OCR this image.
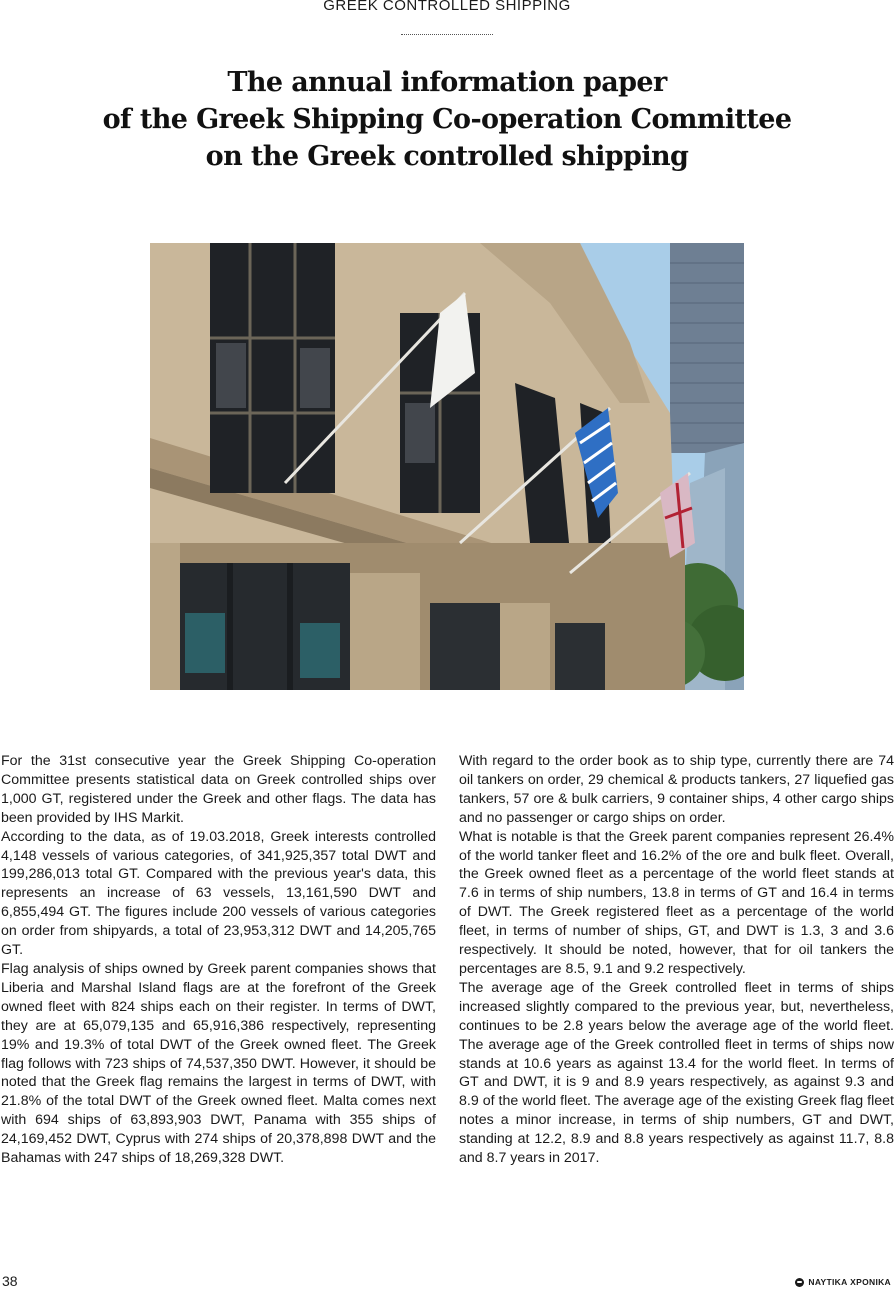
GREEK CONTROLLED SHIPPING
The annual information paper
of the Greek Shipping Co-operation Committee
on the Greek controlled shipping

For the 31st consecutive year the Greek Shipping Co-operation Committee presents statistical data on Greek controlled ships over 1,000 GT, registered under the Greek and other flags. The data has been provided by IHS Markit.

According to the data, as of 19.03.2018, Greek interests controlled 4,148 vessels of various categories, of 341,925,357 total DWT and 199,286,013 total GT. Compared with the previous year's data, this represents an increase of 63 vessels, 13,161,590 DWT and 6,855,494 GT. The figures include 200 vessels of various categories on order from shipyards, a total of 23,953,312 DWT and 14,205,765 GT.

Flag analysis of ships owned by Greek parent companies shows that Liberia and Marshal Island flags are at the forefront of the Greek owned fleet with 824 ships each on their register. In terms of DWT, they are at 65,079,135 and 65,916,386 respectively, representing 19% and 19.3% of total DWT of the Greek owned fleet. The Greek flag follows with 723 ships of 74,537,350 DWT. However, it should be noted that the Greek flag remains the largest in terms of DWT, with 21.8% of the total DWT of the Greek owned fleet. Malta comes next with 694 ships of 63,893,903 DWT, Panama with 355 ships of 24,169,452 DWT, Cyprus with 274 ships of 20,378,898 DWT and the Bahamas with 247 ships of 18,269,328 DWT.

With regard to the order book as to ship type, currently there are 74 oil tankers on order, 29 chemical & products tankers, 27 liquefied gas tankers, 57 ore & bulk carriers, 9 container ships, 4 other cargo ships and no passenger or cargo ships on order.

What is notable is that the Greek parent companies represent 26.4% of the world tanker fleet and 16.2% of the ore and bulk fleet. Overall, the Greek owned fleet as a percentage of the world fleet stands at 7.6 in terms of ship numbers, 13.8 in terms of GT and 16.4 in terms of DWT. The Greek registered fleet as a percentage of the world fleet, in terms of number of ships, GT, and DWT is 1.3, 3 and 3.6 respectively. It should be noted, however, that for oil tankers the percentages are 8.5, 9.1 and 9.2 respectively.

The average age of the Greek controlled fleet in terms of ships increased slightly compared to the previous year, but, nevertheless, continues to be 2.8 years below the average age of the world fleet. The average age of the Greek controlled fleet in terms of ships now stands at 10.6 years as against 13.4 for the world fleet. In terms of GT and DWT, it is 9 and 8.9 years respectively, as against 9.3 and 8.9 of the world fleet. The average age of the existing Greek flag fleet notes a minor increase, in terms of ship numbers, GT and DWT, standing at 12.2, 8.9 and 8.8 years respectively as against 11.7, 8.8 and 8.7 years in 2017.

38	ΝΑΥΤΙΚΑ ΧΡΟΝΙΚΑ
